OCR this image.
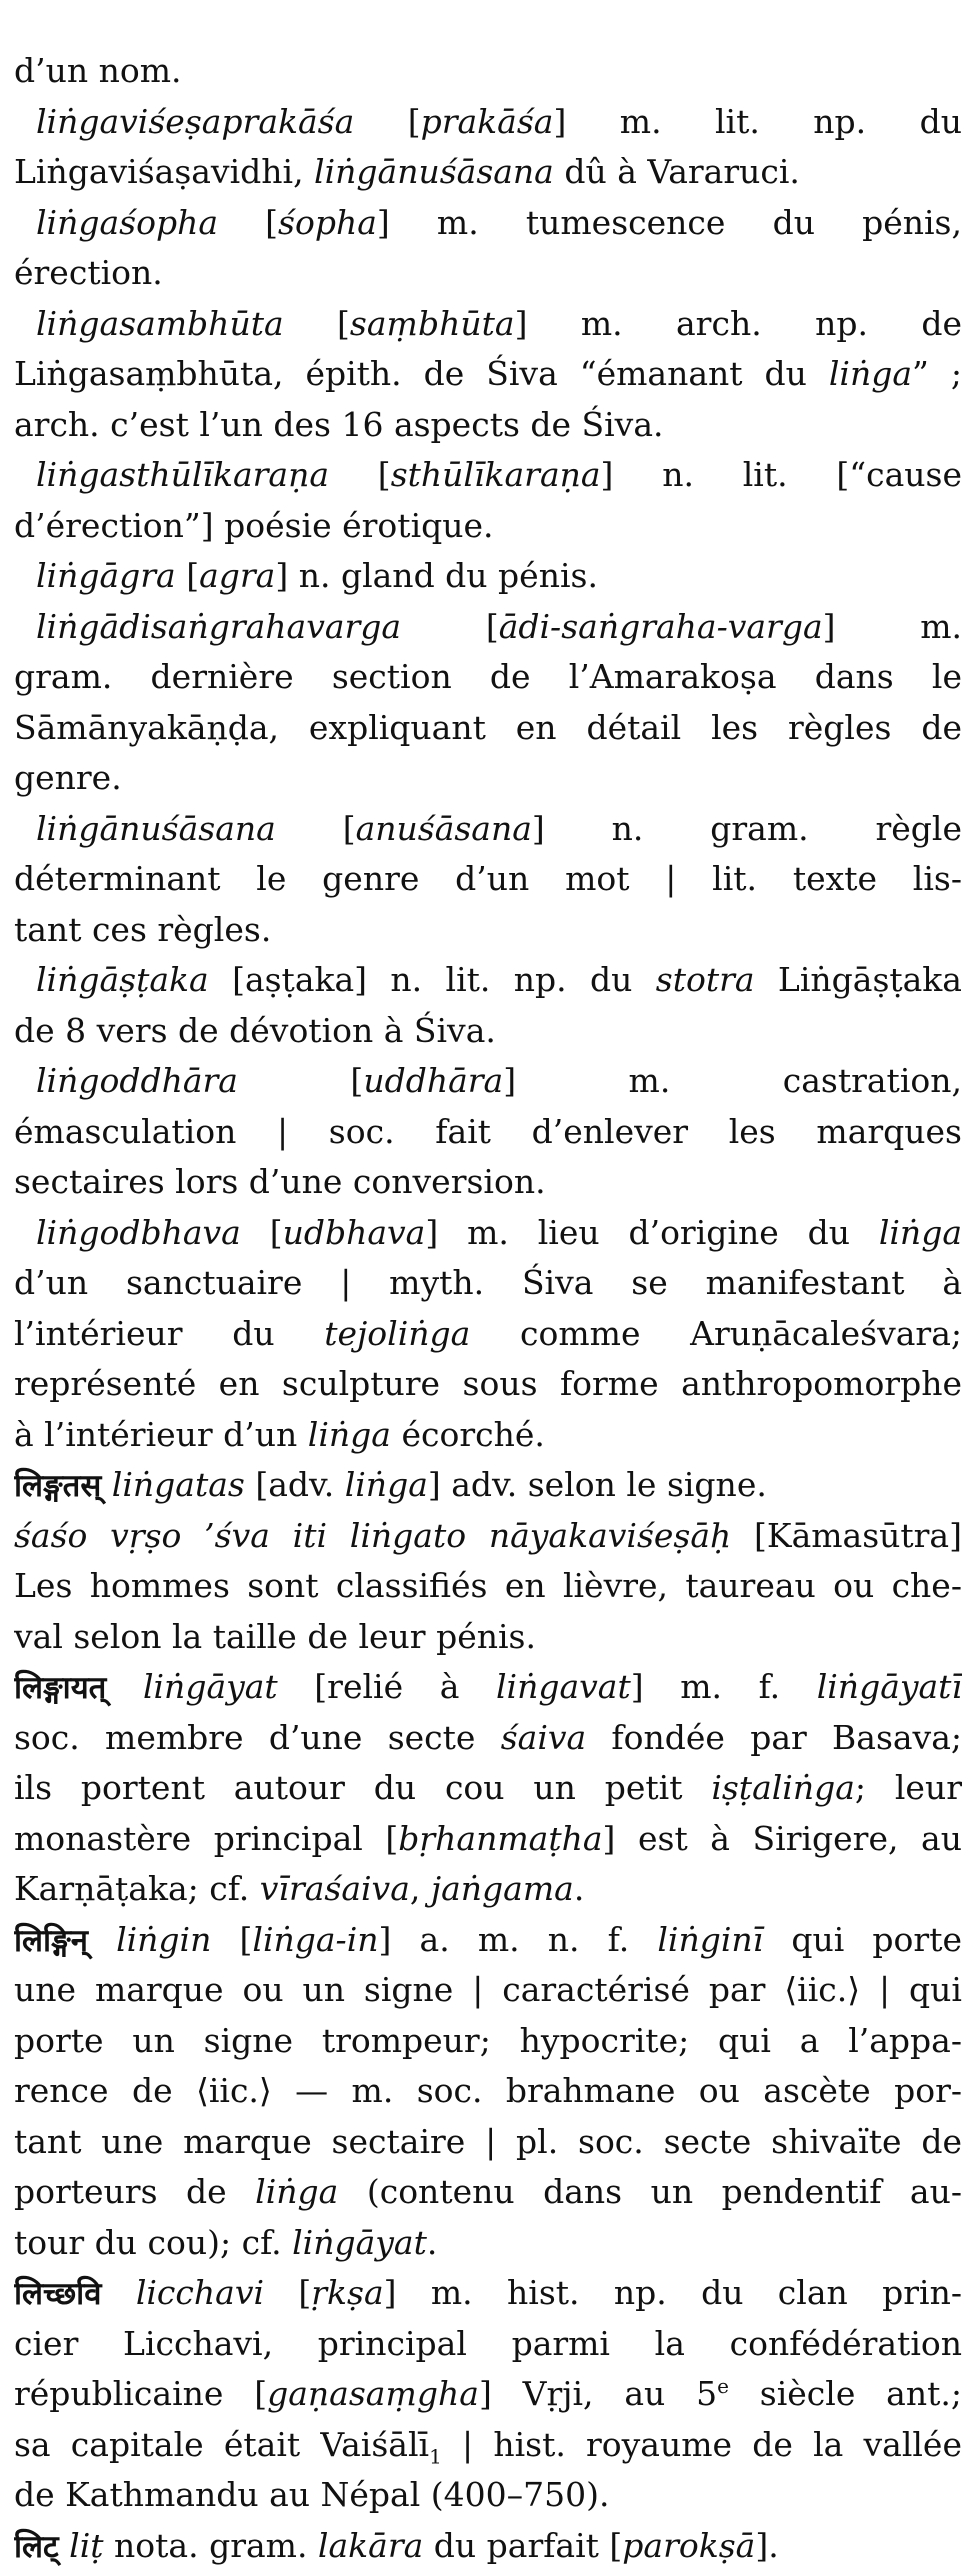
d’un nom.
liṅgaviśeṣaprakāśa [prakāśa] m. lit. np. du
Liṅgaviśaṣavidhi, liṅgānuśāsana dû à Vararuci.
liṅgaśopha [śopha] m. tumescence du pénis,
érection.
liṅgasambhūta [saṃbhūta] m. arch. np. de
Liṅgasaṃbhūta, épith. de Śiva “émanant du liṅga” ;
arch. c’est l’un des 16 aspects de Śiva.
liṅgasthūlīkaraṇa [sthūlīkaraṇa] n. lit. [“cause
d’érection”] poésie érotique.
liṅgāgra [agra] n. gland du pénis.
liṅgādisaṅgrahavarga [ādi-saṅgraha-varga] m.
gram. dernière section de l’Amarakoṣa dans le
Sāmānyakāṇḍa, expliquant en détail les règles de
genre.
liṅgānuśāsana [anuśāsana] n. gram. règle
déterminant le genre d’un mot | lit. texte lis-
tant ces règles.
liṅgāṣṭaka [aṣṭaka] n. lit. np. du stotra Liṅgāṣṭaka
de 8 vers de dévotion à Śiva.
liṅgoddhāra [uddhāra] m. castration,
émasculation | soc. fait d’enlever les marques
sectaires lors d’une conversion.
liṅgodbhava [udbhava] m. lieu d’origine du liṅga
d’un sanctuaire | myth. Śiva se manifestant à
l’intérieur du tejoliṅga comme Aruṇācaleśvara;
représenté en sculpture sous forme anthropomorphe
à l’intérieur d’un liṅga écorché.
लिङ्गतस् liṅgatas [adv. liṅga] adv. selon le signe.
śaśo vṛṣo ’śva iti liṅgato nāyakaviśeṣāḥ [Kāmasūtra]
Les hommes sont classifiés en lièvre, taureau ou che-
val selon la taille de leur pénis.
लिङ्गायत् liṅgāyat [relié à liṅgavat] m. f. liṅgāyatī
soc. membre d’une secte śaiva fondée par Basava;
ils portent autour du cou un petit iṣṭaliṅga; leur
monastère principal [bṛhanmaṭha] est à Sirigere, au
Karṇāṭaka; cf. vīraśaiva, jaṅgama.
लिङ्गिन् liṅgin [liṅga-in] a. m. n. f. liṅginī qui porte
une marque ou un signe | caractérisé par ⟨iic.⟩ | qui
porte un signe trompeur; hypocrite; qui a l’appa-
rence de ⟨iic.⟩ — m. soc. brahmane ou ascète por-
tant une marque sectaire | pl. soc. secte shivaïte de
porteurs de liṅga (contenu dans un pendentif au-
tour du cou); cf. liṅgāyat.
लिच्छवि licchavi [ṛkṣa] m. hist. np. du clan prin-
cier Licchavi, principal parmi la confédération
républicaine [gaṇasaṃgha] Vṛji, au 5e siècle ant.;
sa capitale était Vaiśālī$_1$ | hist. royaume de la vallée
de Kathmandu au Népal (400–750).
लिट् liṭ nota. gram. lakāra du parfait [parokṣā].
